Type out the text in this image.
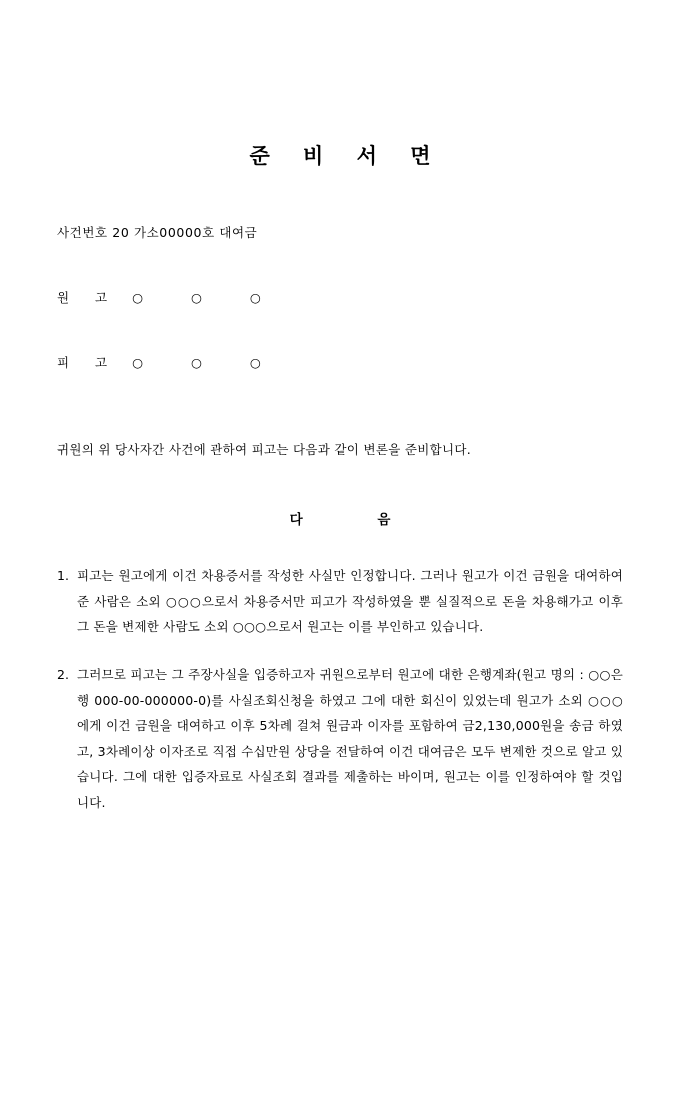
준 비 서 면
사건번호 20 가소00000호 대여금
원 고 ○ ○ ○
피 고 ○ ○ ○
귀원의 위 당사자간 사건에 관하여 피고는 다음과 같이 변론을 준비합니다.
다 음
1. 피고는 원고에게 이건 차용증서를 작성한 사실만 인정합니다. 그러나 원고가 이건 금원을 대여하여준 사람은 소외 ○○○으로서 차용증서만 피고가 작성하였을 뿐 실질적으로 돈을 차용해가고 이후 그 돈을 변제한 사람도 소외 ○○○으로서 원고는 이를 부인하고 있습니다.
2. 그러므로 피고는 그 주장사실을 입증하고자 귀원으로부터 원고에 대한 은행계좌(원고 명의 : ○○은행 000-00-000000-0)를 사실조회신청을 하였고 그에 대한 회신이 있었는데 원고가 소외 ○○○에게 이건 금원을 대여하고 이후 5차례 걸쳐 원금과 이자를 포함하여 금2,130,000원을 송금 하였고, 3차례이상 이자조로 직접 수십만원 상당을 전달하여 이건 대여금은 모두 변제한 것으로 알고 있습니다. 그에 대한 입증자료로 사실조회 결과를 제출하는 바이며, 원고는 이를 인정하여야 할 것입니다.
